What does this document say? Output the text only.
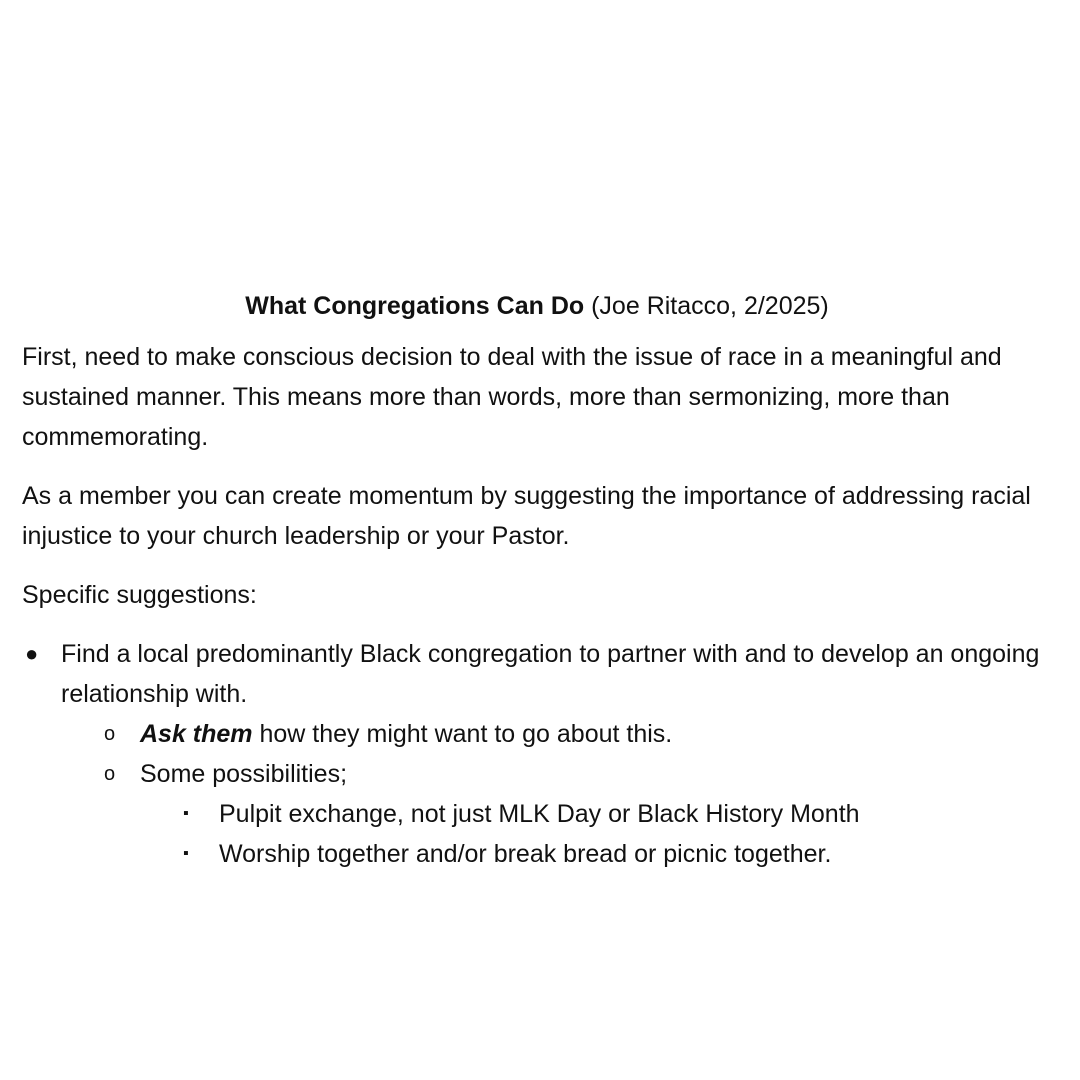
What Congregations Can Do (Joe Ritacco, 2/2025)

First, need to make conscious decision to deal with the issue of race in a meaningful and sustained manner. This means more than words, more than sermonizing, more than commemorating.

As a member you can create momentum by suggesting the importance of addressing racial injustice to your church leadership or your Pastor.

Specific suggestions:

● Find a local predominantly Black congregation to partner with and to develop an ongoing relationship with.
o Ask them how they might want to go about this.
o Some possibilities;
▪ Pulpit exchange, not just MLK Day or Black History Month
▪ Worship together and/or break bread or picnic together.
